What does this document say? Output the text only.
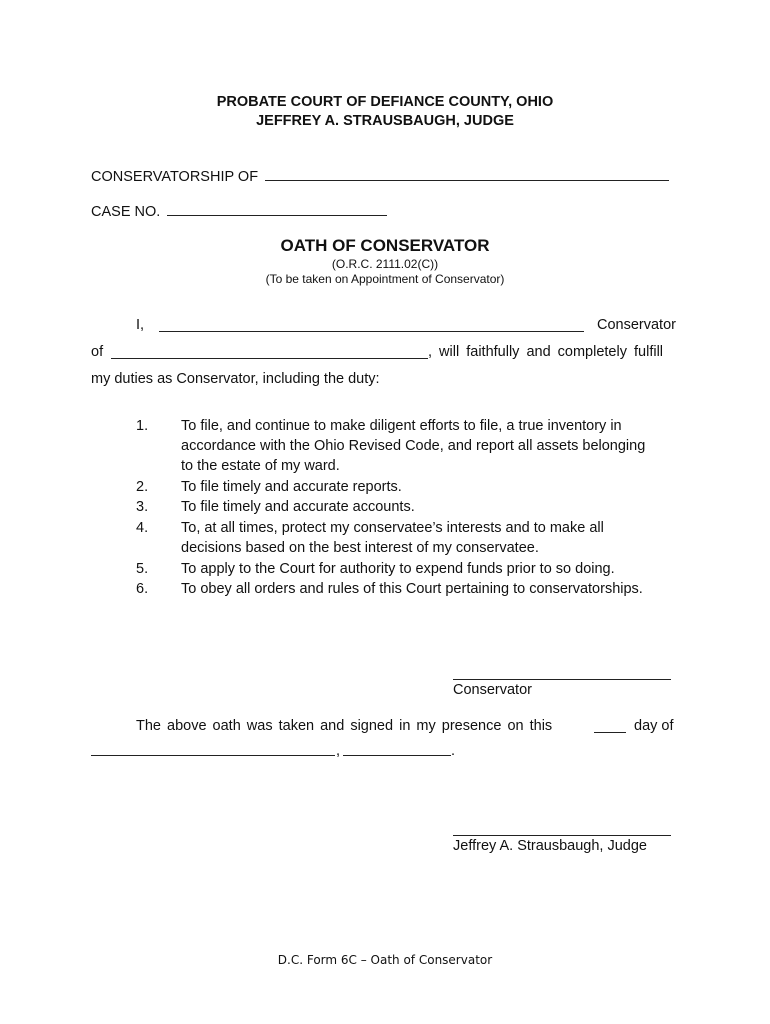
PROBATE COURT OF DEFIANCE COUNTY, OHIO
JEFFREY A. STRAUSBAUGH, JUDGE
CONSERVATORSHIP OF
CASE NO.
OATH OF CONSERVATOR
(O.R.C. 2111.02(C))
(To be taken on Appointment of Conservator)
I,	Conservator
of	, will faithfully and completely fulfill
my duties as Conservator, including the duty:
1. To file, and continue to make diligent efforts to file, a true inventory in
accordance with the Ohio Revised Code, and report all assets belonging
to the estate of my ward.
2. To file timely and accurate reports.
3. To file timely and accurate accounts.
4. To, at all times, protect my conservatee’s interests and to make all
decisions based on the best interest of my conservatee.
5. To apply to the Court for authority to expend funds prior to so doing.
6. To obey all orders and rules of this Court pertaining to conservatorships.
Conservator
The above oath was taken and signed in my presence on this	day of
,	.
Jeffrey A. Strausbaugh, Judge
D.C. Form 6C – Oath of Conservator
